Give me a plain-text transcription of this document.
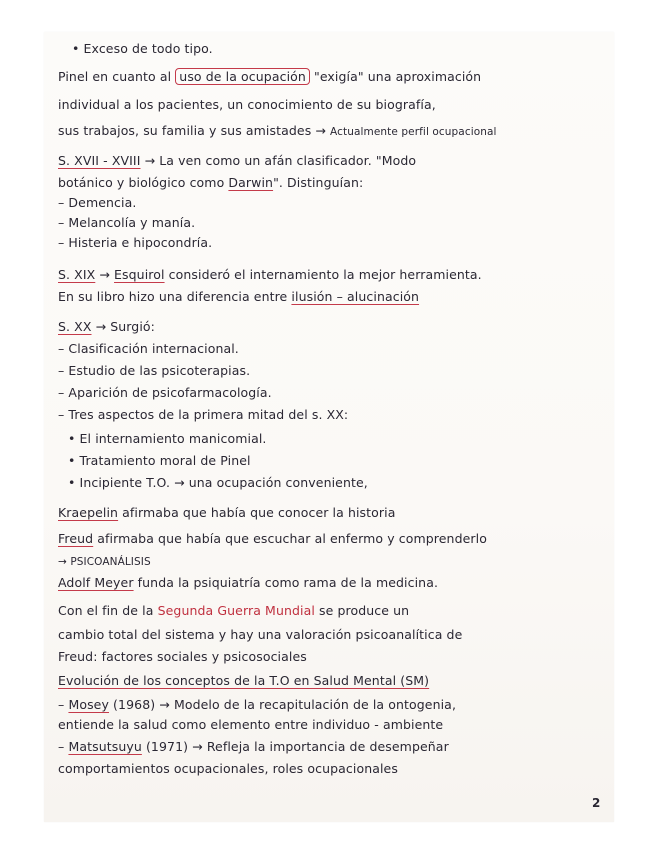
• Exceso de todo tipo.
Pinel en cuanto al uso de la ocupación "exigía" una aproximación
individual a los pacientes, un conocimiento de su biografía,
sus trabajos, su familia y sus amistades → Actualmente perfil ocupacional
S. XVII - XVIII → La ven como un afán clasificador. "Modo
botánico y biológico como Darwin". Distinguían:
– Demencia.
– Melancolía y manía.
– Histeria e hipocondría.
S. XIX → Esquirol consideró el internamiento la mejor herramienta.
En su libro hizo una diferencia entre ilusión – alucinación
S. XX → Surgió:
– Clasificación internacional.
– Estudio de las psicoterapias.
– Aparición de psicofarmacología.
– Tres aspectos de la primera mitad del s. XX:
• El internamiento manicomial.
• Tratamiento moral de Pinel
• Incipiente T.O. → una ocupación conveniente,
Kraepelin afirmaba que había que conocer la historia
Freud afirmaba que había que escuchar al enfermo y comprenderlo
→ PSICOANÁLISIS
Adolf Meyer funda la psiquiatría como rama de la medicina.
Con el fin de la Segunda Guerra Mundial se produce un
cambio total del sistema y hay una valoración psicoanalítica de
Freud: factores sociales y psicosociales
Evolución de los conceptos de la T.O en Salud Mental (SM)
– Mosey (1968) → Modelo de la recapitulación de la ontogenia,
entiende la salud como elemento entre individuo - ambiente
– Matsutsuyu (1971) → Refleja la importancia de desempeñar
comportamientos ocupacionales, roles ocupacionales
2
